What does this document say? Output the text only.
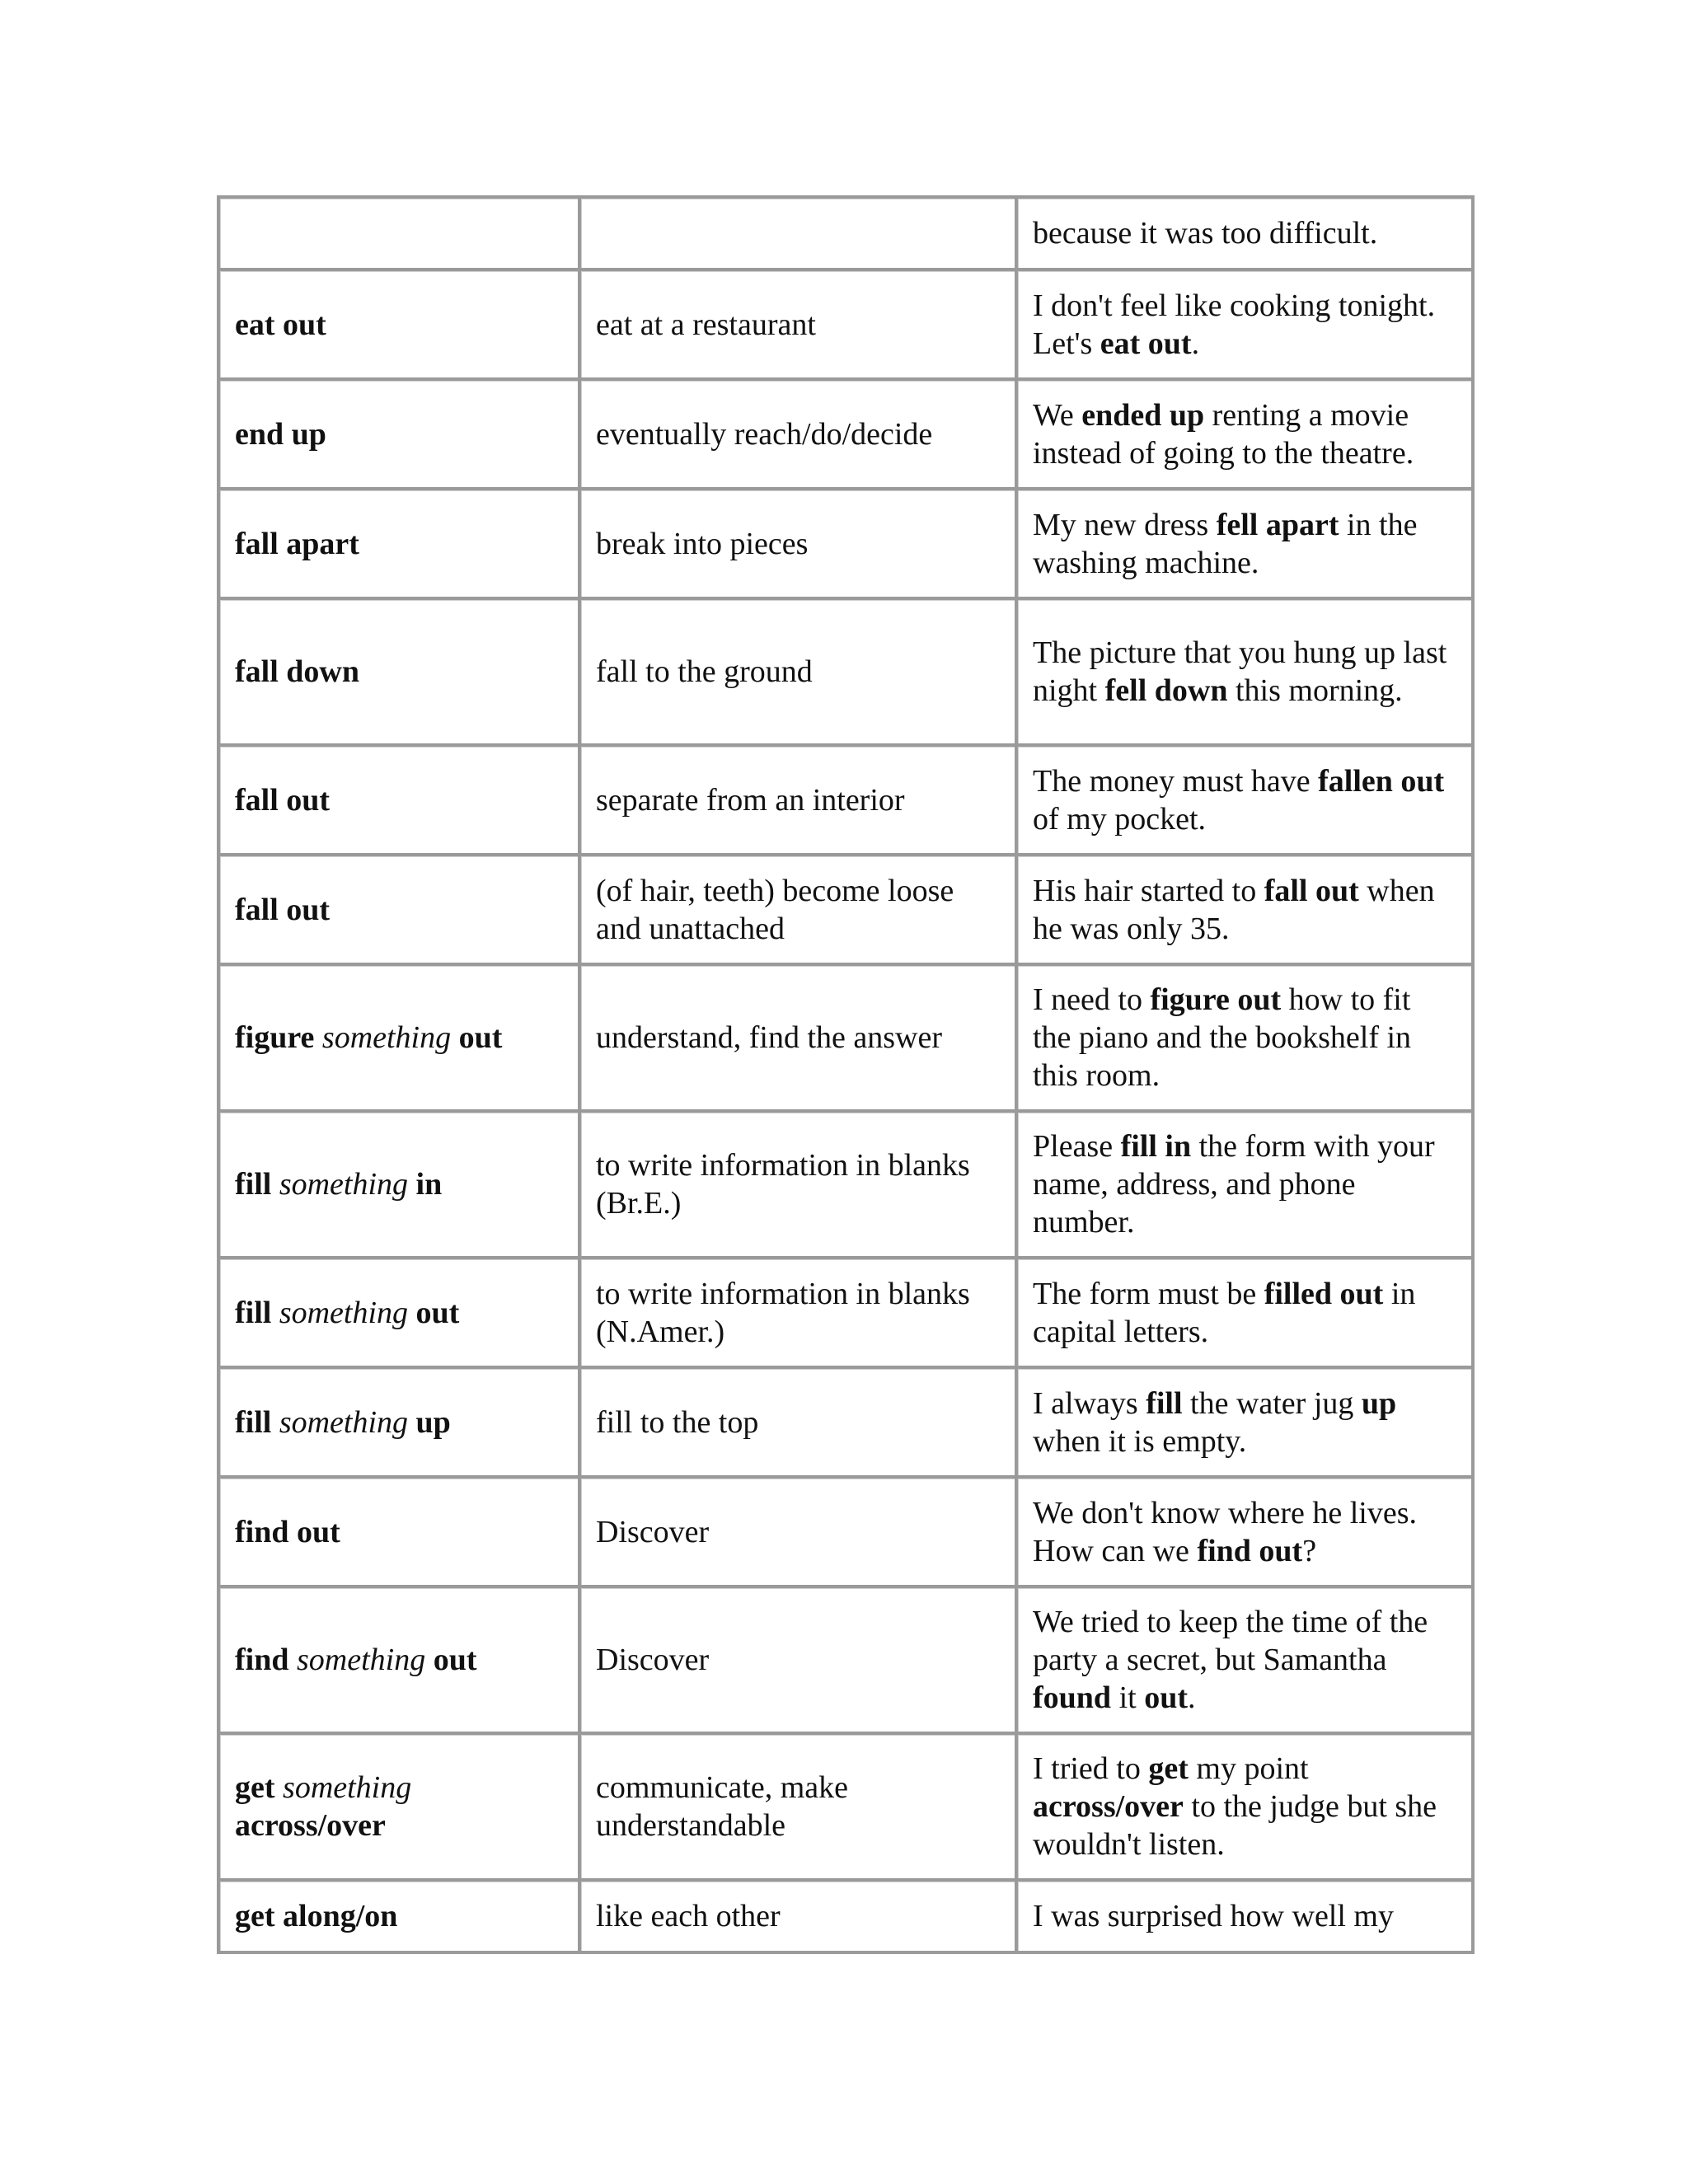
		because it was too difficult.
eat out	eat at a restaurant	I don't feel like cooking tonight. Let's eat out.
end up	eventually reach/do/decide	We ended up renting a movie instead of going to the theatre.
fall apart	break into pieces	My new dress fell apart in the washing machine.
fall down	fall to the ground	The picture that you hung up last night fell down this morning.
fall out	separate from an interior	The money must have fallen out of my pocket.
fall out	(of hair, teeth) become loose and unattached	His hair started to fall out when he was only 35.
figure something out	understand, find the answer	I need to figure out how to fit the piano and the bookshelf in this room.
fill something in	to write information in blanks (Br.E.)	Please fill in the form with your name, address, and phone number.
fill something out	to write information in blanks (N.Amer.)	The form must be filled out in capital letters.
fill something up	fill to the top	I always fill the water jug up when it is empty.
find out	Discover	We don't know where he lives. How can we find out?
find something out	Discover	We tried to keep the time of the party a secret, but Samantha found it out.
get something across/over	communicate, make understandable	I tried to get my point across/over to the judge but she wouldn't listen.
get along/on	like each other	I was surprised how well my
